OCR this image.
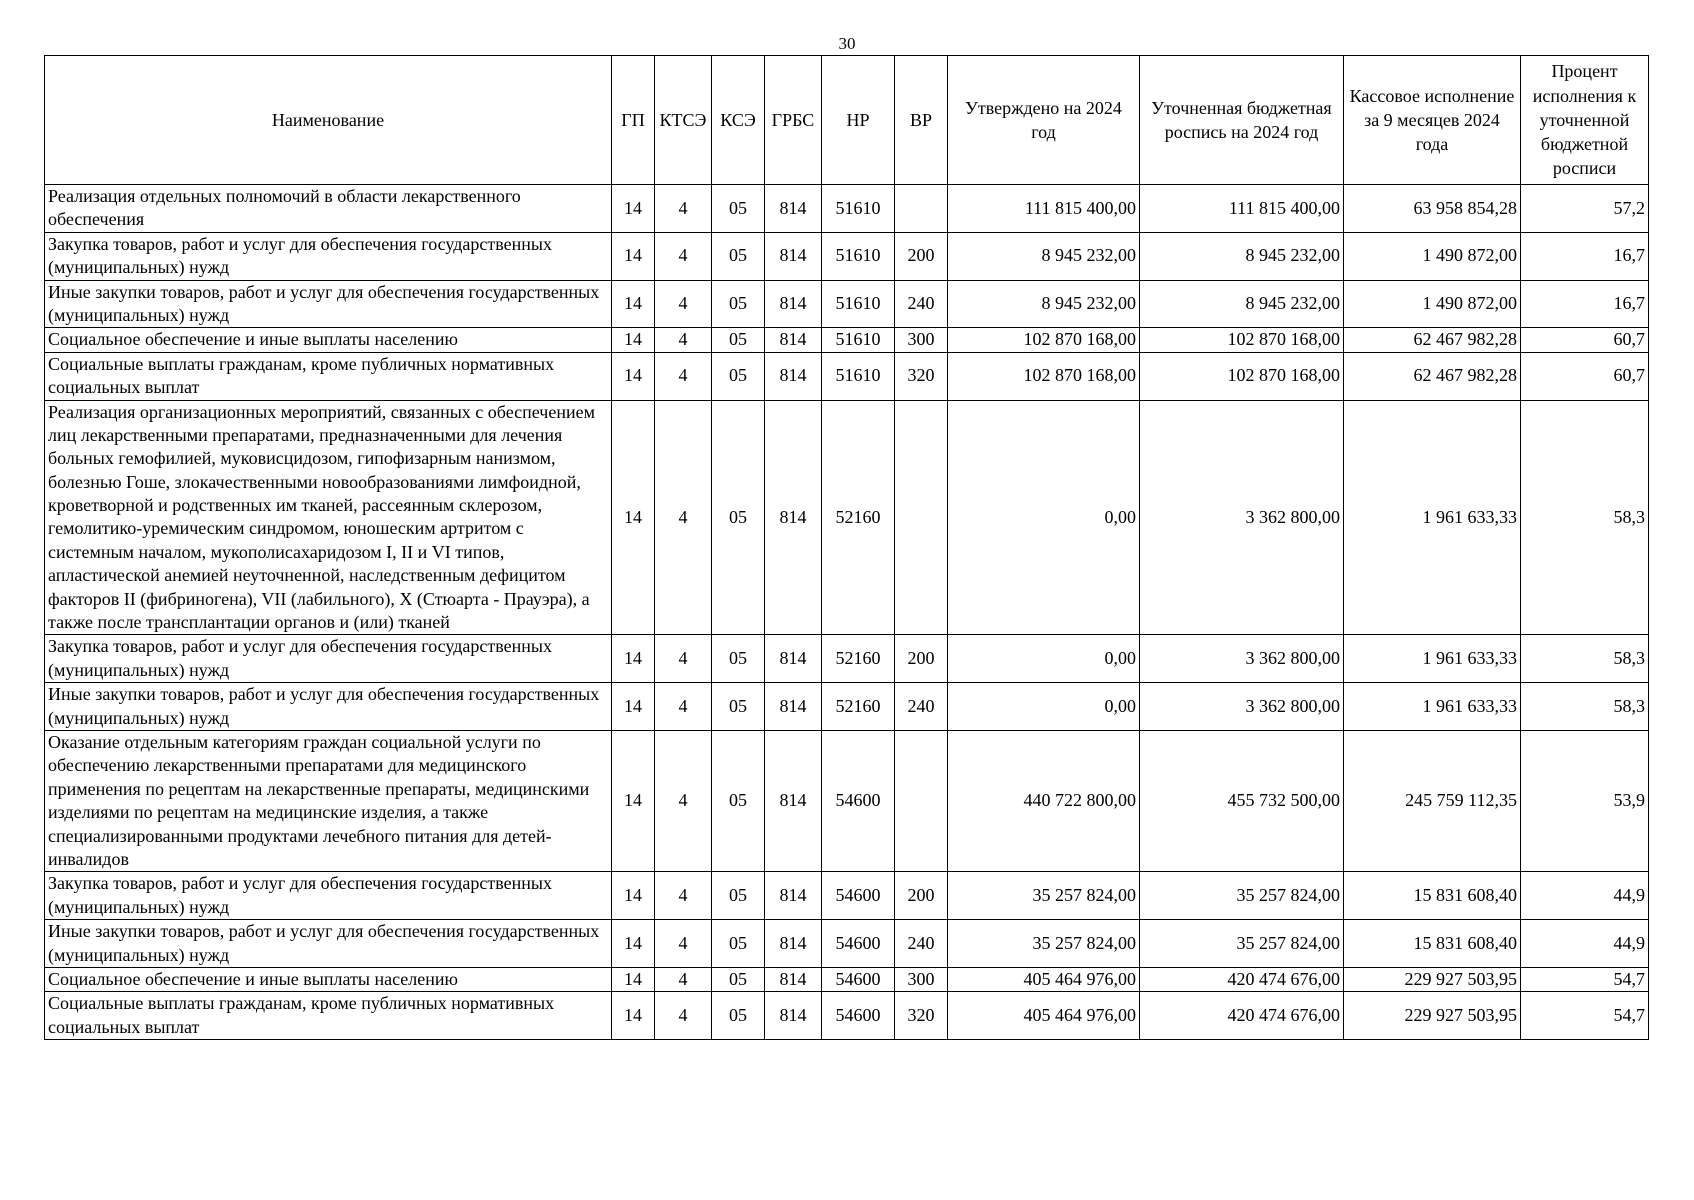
30
Наименование	ГП	КТСЭ	КСЭ	ГРБС	НР	ВР	Утверждено на 2024 год	Уточненная бюджетная роспись на 2024 год	Кассовое исполнение за 9 месяцев 2024 года	Процент исполнения к уточненной бюджетной росписи
Реализация отдельных полномочий в области лекарственного обеспечения	14	4	05	814	51610		111 815 400,00	111 815 400,00	63 958 854,28	57,2
Закупка товаров, работ и услуг для обеспечения государственных (муниципальных) нужд	14	4	05	814	51610	200	8 945 232,00	8 945 232,00	1 490 872,00	16,7
Иные закупки товаров, работ и услуг для обеспечения государственных (муниципальных) нужд	14	4	05	814	51610	240	8 945 232,00	8 945 232,00	1 490 872,00	16,7
Социальное обеспечение и иные выплаты населению	14	4	05	814	51610	300	102 870 168,00	102 870 168,00	62 467 982,28	60,7
Социальные выплаты гражданам, кроме публичных нормативных социальных выплат	14	4	05	814	51610	320	102 870 168,00	102 870 168,00	62 467 982,28	60,7
Реализация организационных мероприятий, связанных с обеспечением лиц лекарственными препаратами, предназначенными для лечения больных гемофилией, муковисцидозом, гипофизарным нанизмом, болезнью Гоше, злокачественными новообразованиями лимфоидной, кроветворной и родственных им тканей, рассеянным склерозом, гемолитико-уремическим синдромом, юношеским артритом с системным началом, мукополисахаридозом I, II и VI типов, апластической анемией неуточненной, наследственным дефицитом факторов II (фибриногена), VII (лабильного), X (Стюарта - Прауэра), а также после трансплантации органов и (или) тканей	14	4	05	814	52160		0,00	3 362 800,00	1 961 633,33	58,3
Закупка товаров, работ и услуг для обеспечения государственных (муниципальных) нужд	14	4	05	814	52160	200	0,00	3 362 800,00	1 961 633,33	58,3
Иные закупки товаров, работ и услуг для обеспечения государственных (муниципальных) нужд	14	4	05	814	52160	240	0,00	3 362 800,00	1 961 633,33	58,3
Оказание отдельным категориям граждан социальной услуги по обеспечению лекарственными препаратами для медицинского применения по рецептам на лекарственные препараты, медицинскими изделиями по рецептам на медицинские изделия, а также специализированными продуктами лечебного питания для детей-инвалидов	14	4	05	814	54600		440 722 800,00	455 732 500,00	245 759 112,35	53,9
Закупка товаров, работ и услуг для обеспечения государственных (муниципальных) нужд	14	4	05	814	54600	200	35 257 824,00	35 257 824,00	15 831 608,40	44,9
Иные закупки товаров, работ и услуг для обеспечения государственных (муниципальных) нужд	14	4	05	814	54600	240	35 257 824,00	35 257 824,00	15 831 608,40	44,9
Социальное обеспечение и иные выплаты населению	14	4	05	814	54600	300	405 464 976,00	420 474 676,00	229 927 503,95	54,7
Социальные выплаты гражданам, кроме публичных нормативных социальных выплат	14	4	05	814	54600	320	405 464 976,00	420 474 676,00	229 927 503,95	54,7
